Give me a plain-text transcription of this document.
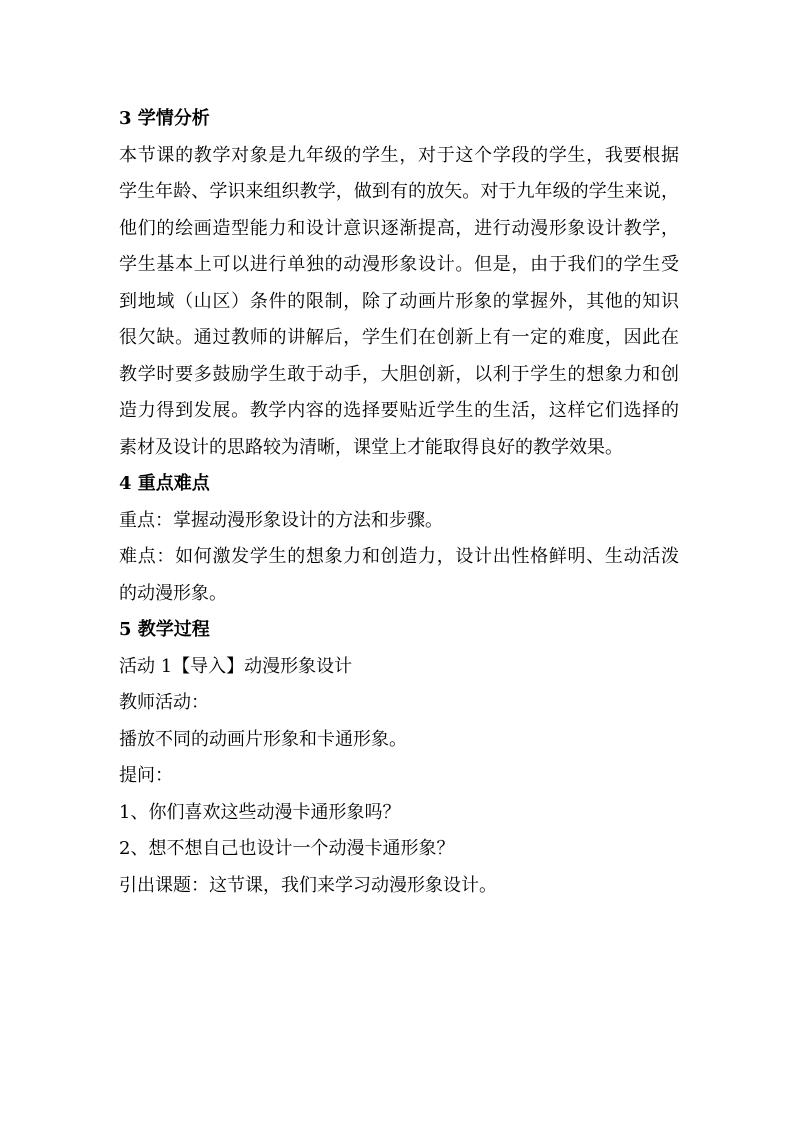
3 学情分析
本节课的教学对象是九年级的学生，对于这个学段的学生，我要根据
学生年龄、学识来组织教学，做到有的放矢。对于九年级的学生来说，
他们的绘画造型能力和设计意识逐渐提高，进行动漫形象设计教学，
学生基本上可以进行单独的动漫形象设计。但是，由于我们的学生受
到地域（山区）条件的限制，除了动画片形象的掌握外，其他的知识
很欠缺。通过教师的讲解后，学生们在创新上有一定的难度，因此在
教学时要多鼓励学生敢于动手，大胆创新，以利于学生的想象力和创
造力得到发展。教学内容的选择要贴近学生的生活，这样它们选择的
素材及设计的思路较为清晰，课堂上才能取得良好的教学效果。
4 重点难点
重点：掌握动漫形象设计的方法和步骤。
难点：如何激发学生的想象力和创造力，设计出性格鲜明、生动活泼
的动漫形象。
5 教学过程
活动 1【导入】动漫形象设计
教师活动：
播放不同的动画片形象和卡通形象。
提问：
1、你们喜欢这些动漫卡通形象吗？
2、想不想自己也设计一个动漫卡通形象？
引出课题：这节课，我们来学习动漫形象设计。
